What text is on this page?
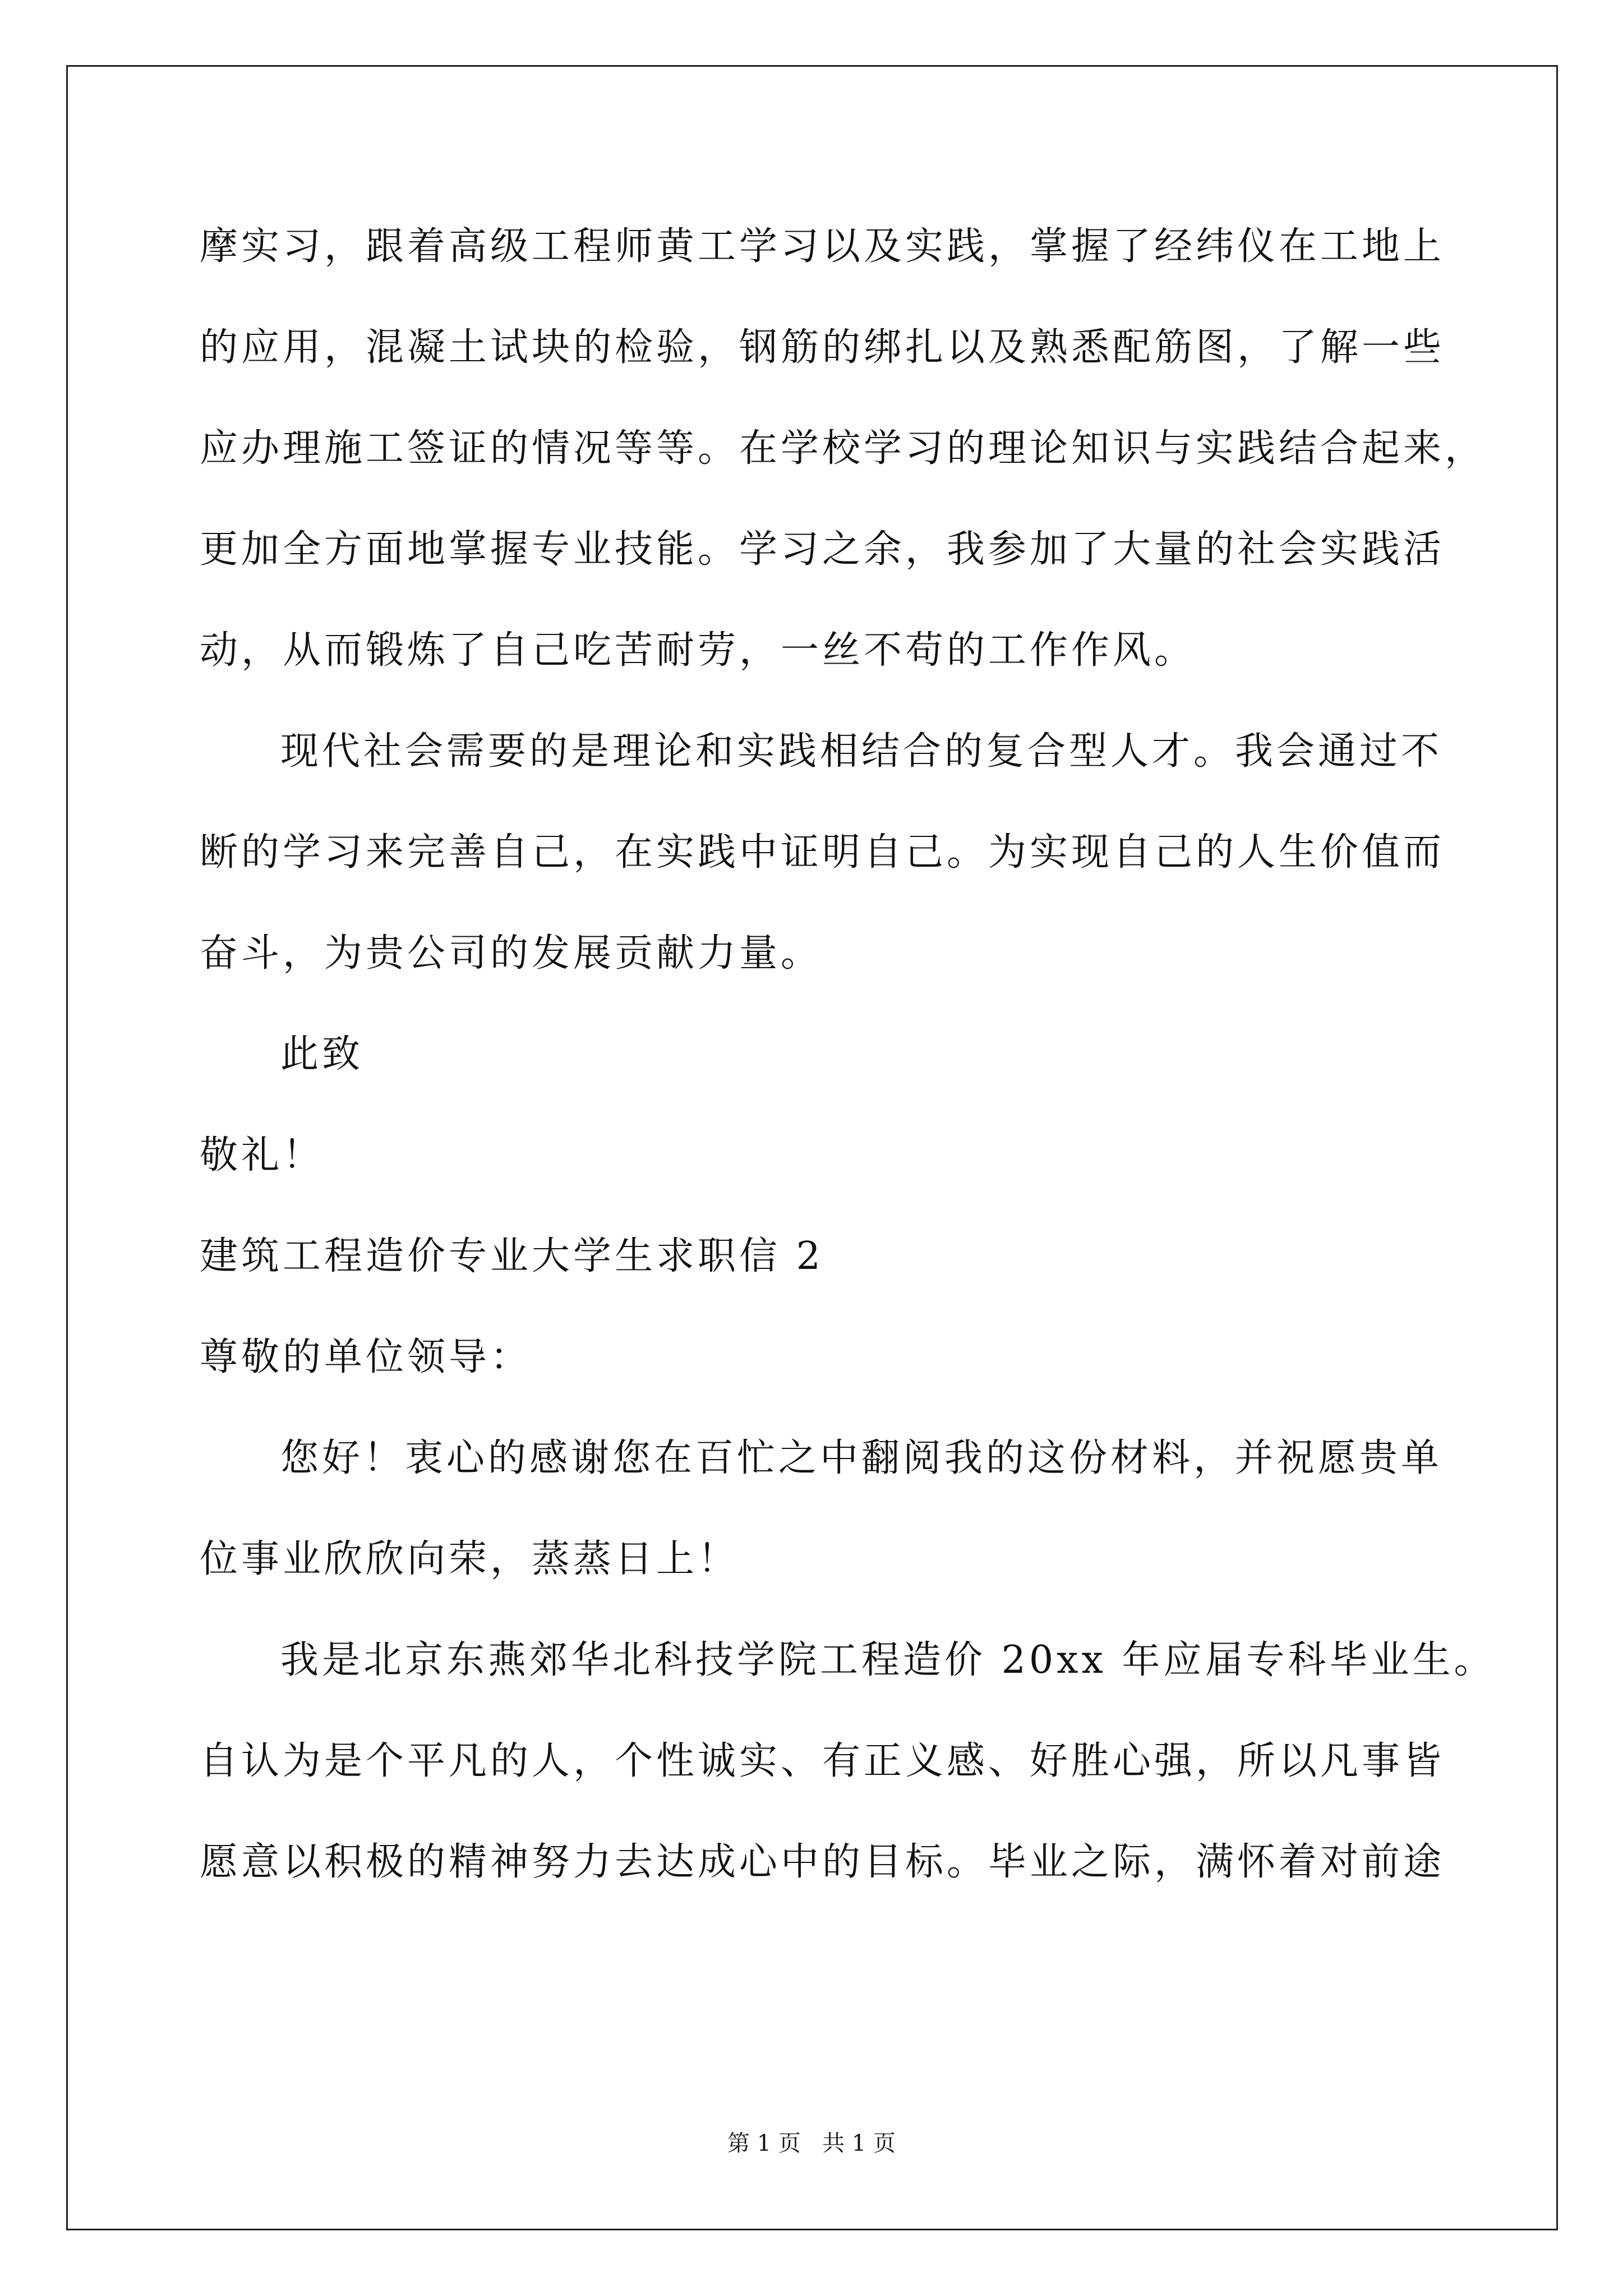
摩实习，跟着高级工程师黄工学习以及实践，掌握了经纬仪在工地上
的应用，混凝土试块的检验，钢筋的绑扎以及熟悉配筋图，了解一些
应办理施工签证的情况等等。在学校学习的理论知识与实践结合起来，
更加全方面地掌握专业技能。学习之余，我参加了大量的社会实践活
动，从而锻炼了自己吃苦耐劳，一丝不苟的工作作风。
现代社会需要的是理论和实践相结合的复合型人才。我会通过不
断的学习来完善自己，在实践中证明自己。为实现自己的人生价值而
奋斗，为贵公司的发展贡献力量。
此致
敬礼！
建筑工程造价专业大学生求职信 2
尊敬的单位领导：
您好！衷心的感谢您在百忙之中翻阅我的这份材料，并祝愿贵单
位事业欣欣向荣，蒸蒸日上！
我是北京东燕郊华北科技学院工程造价 20xx 年应届专科毕业生。
自认为是个平凡的人，个性诚实、有正义感、好胜心强，所以凡事皆
愿意以积极的精神努力去达成心中的目标。毕业之际，满怀着对前途
第 1 页   共 1 页
